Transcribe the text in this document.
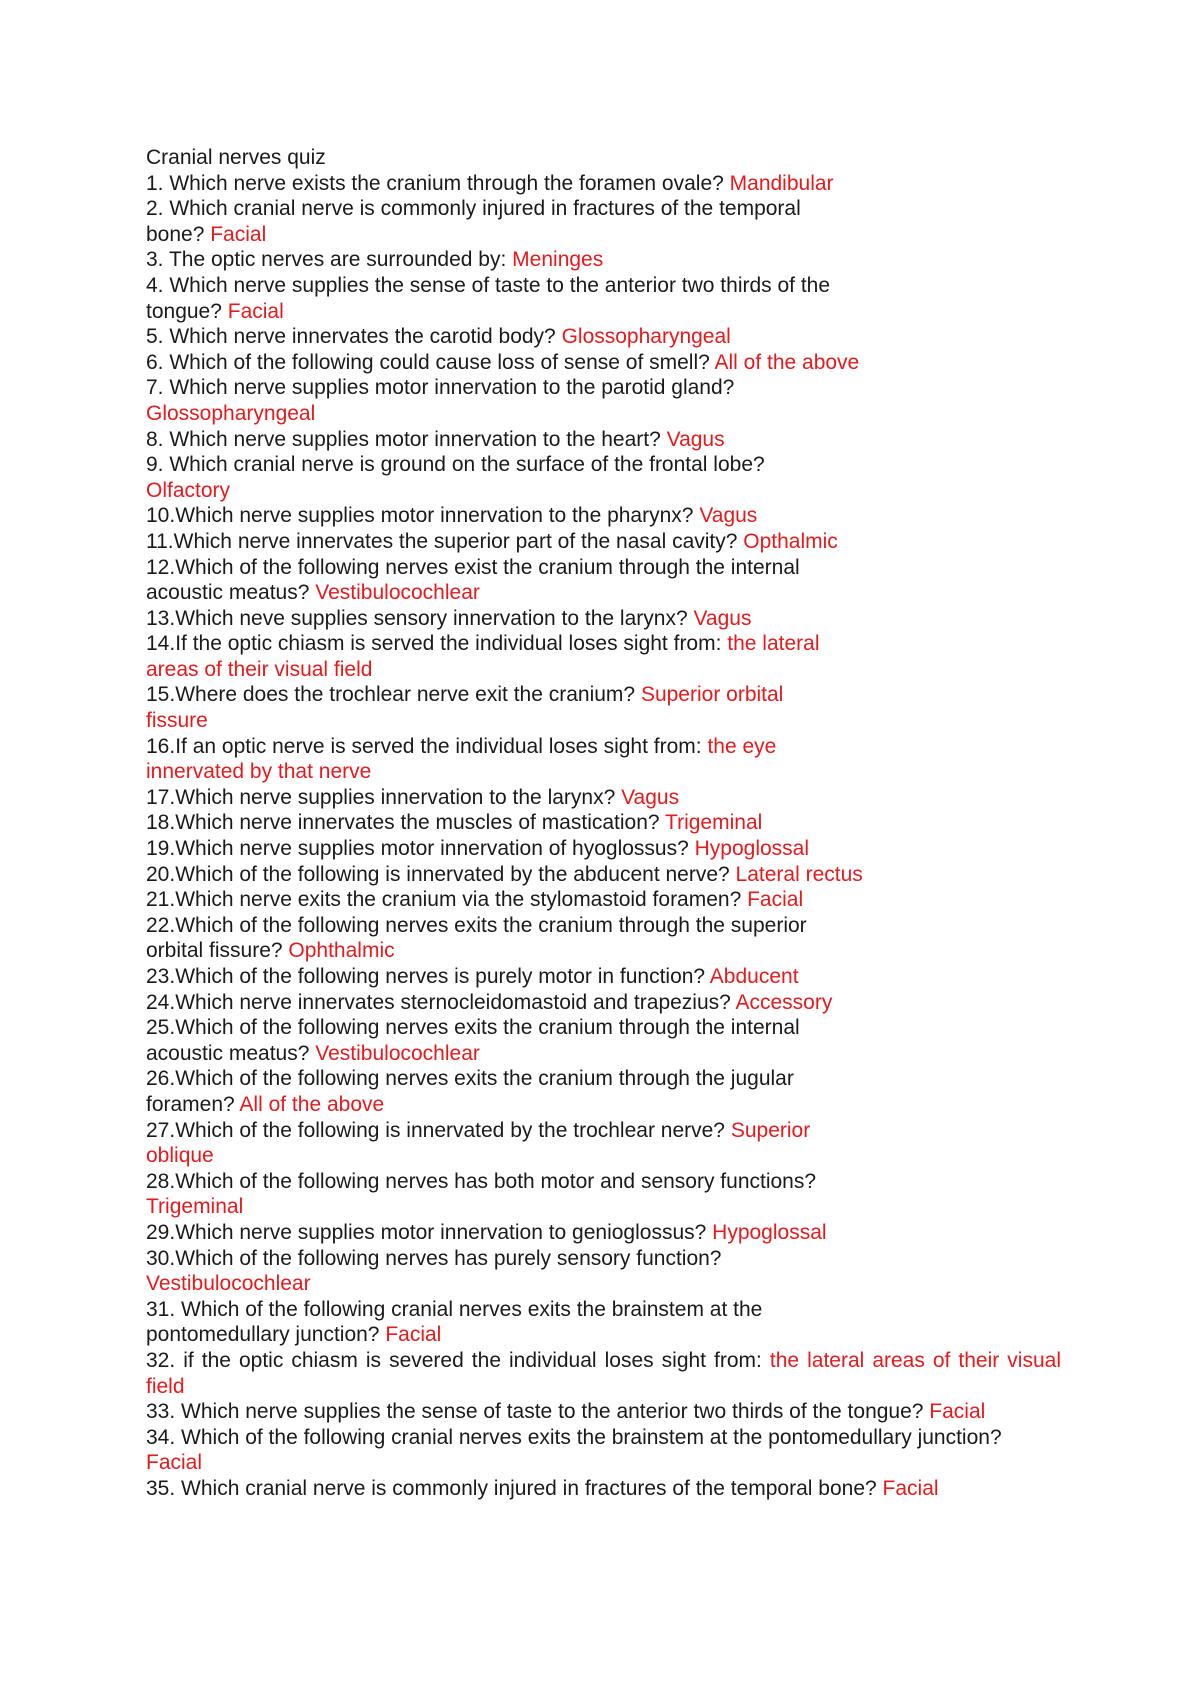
Cranial nerves quiz
1. Which nerve exists the cranium through the foramen ovale? Mandibular
2. Which cranial nerve is commonly injured in fractures of the temporal bone? Facial
3. The optic nerves are surrounded by: Meninges
4. Which nerve supplies the sense of taste to the anterior two thirds of the tongue? Facial
5. Which nerve innervates the carotid body? Glossopharyngeal
6. Which of the following could cause loss of sense of smell? All of the above
7. Which nerve supplies motor innervation to the parotid gland? Glossopharyngeal
8. Which nerve supplies motor innervation to the heart? Vagus
9. Which cranial nerve is ground on the surface of the frontal lobe? Olfactory
10.Which nerve supplies motor innervation to the pharynx? Vagus
11.Which nerve innervates the superior part of the nasal cavity? Opthalmic
12.Which of the following nerves exist the cranium through the internal acoustic meatus? Vestibulocochlear
13.Which neve supplies sensory innervation to the larynx? Vagus
14.If the optic chiasm is served the individual loses sight from: the lateral areas of their visual field
15.Where does the trochlear nerve exit the cranium? Superior orbital fissure
16.If an optic nerve is served the individual loses sight from: the eye innervated by that nerve
17.Which nerve supplies innervation to the larynx? Vagus
18.Which nerve innervates the muscles of mastication? Trigeminal
19.Which nerve supplies motor innervation of hyoglossus? Hypoglossal
20.Which of the following is innervated by the abducent nerve? Lateral rectus
21.Which nerve exits the cranium via the stylomastoid foramen? Facial
22.Which of the following nerves exits the cranium through the superior orbital fissure? Ophthalmic
23.Which of the following nerves is purely motor in function? Abducent
24.Which nerve innervates sternocleidomastoid and trapezius? Accessory
25.Which of the following nerves exits the cranium through the internal acoustic meatus? Vestibulocochlear
26.Which of the following nerves exits the cranium through the jugular foramen? All of the above
27.Which of the following is innervated by the trochlear nerve? Superior oblique
28.Which of the following nerves has both motor and sensory functions? Trigeminal
29.Which nerve supplies motor innervation to genioglossus? Hypoglossal
30.Which of the following nerves has purely sensory function? Vestibulocochlear
31. Which of the following cranial nerves exits the brainstem at the pontomedullary junction? Facial
32. if the optic chiasm is severed the individual loses sight from: the lateral areas of their visual field
33. Which nerve supplies the sense of taste to the anterior two thirds of the tongue? Facial
34. Which of the following cranial nerves exits the brainstem at the pontomedullary junction? Facial
35. Which cranial nerve is commonly injured in fractures of the temporal bone? Facial
